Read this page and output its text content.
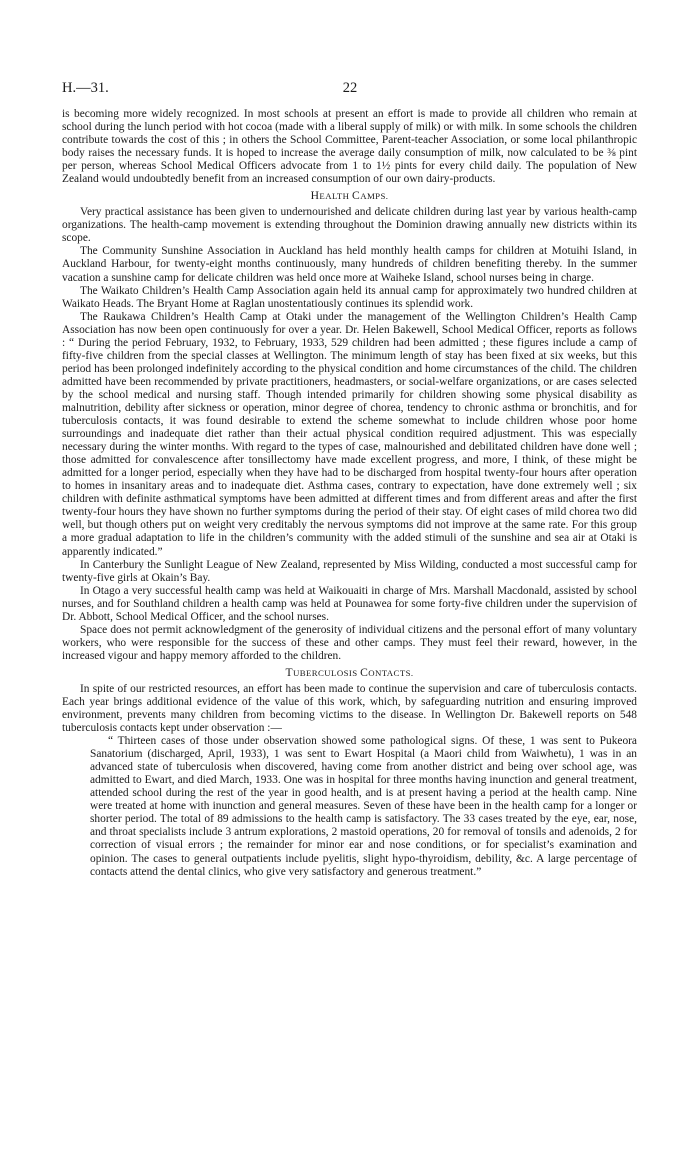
H.—31.	22

is becoming more widely recognized. In most schools at present an effort is made to provide all children who remain at school during the lunch period with hot cocoa (made with a liberal supply of milk) or with milk. In some schools the children contribute towards the cost of this ; in others the School Committee, Parent-teacher Association, or some local philanthropic body raises the necessary funds. It is hoped to increase the average daily consumption of milk, now calculated to be ⅜ pint per person, whereas School Medical Officers advocate from 1 to 1½ pints for every child daily. The population of New Zealand would undoubtedly benefit from an increased consumption of our own dairy-products.

HEALTH CAMPS.

Very practical assistance has been given to undernourished and delicate children during last year by various health-camp organizations. The health-camp movement is extending throughout the Dominion drawing annually new districts within its scope.

The Community Sunshine Association in Auckland has held monthly health camps for children at Motuihi Island, in Auckland Harbour, for twenty-eight months continuously, many hundreds of children benefiting thereby. In the summer vacation a sunshine camp for delicate children was held once more at Waiheke Island, school nurses being in charge.

The Waikato Children’s Health Camp Association again held its annual camp for approximately two hundred children at Waikato Heads. The Bryant Home at Raglan unostentatiously continues its splendid work.

The Raukawa Children’s Health Camp at Otaki under the management of the Wellington Children’s Health Camp Association has now been open continuously for over a year. Dr. Helen Bakewell, School Medical Officer, reports as follows : “ During the period February, 1932, to February, 1933, 529 children had been admitted ; these figures include a camp of fifty-five children from the special classes at Wellington. The minimum length of stay has been fixed at six weeks, but this period has been prolonged indefinitely according to the physical condition and home circumstances of the child. The children admitted have been recommended by private practitioners, headmasters, or social-welfare organizations, or are cases selected by the school medical and nursing staff. Though intended primarily for children showing some physical disability as malnutrition, debility after sickness or operation, minor degree of chorea, tendency to chronic asthma or bronchitis, and for tuberculosis contacts, it was found desirable to extend the scheme somewhat to include children whose poor home surroundings and inadequate diet rather than their actual physical condition required adjustment. This was especially necessary during the winter months. With regard to the types of case, malnourished and debilitated children have done well ; those admitted for convalescence after tonsillectomy have made excellent progress, and more, I think, of these might be admitted for a longer period, especially when they have had to be discharged from hospital twenty-four hours after operation to homes in insanitary areas and to inadequate diet. Asthma cases, contrary to expectation, have done extremely well ; six children with definite asthmatical symptoms have been admitted at different times and from different areas and after the first twenty-four hours they have shown no further symptoms during the period of their stay. Of eight cases of mild chorea two did well, but though others put on weight very creditably the nervous symptoms did not improve at the same rate. For this group a more gradual adaptation to life in the children’s community with the added stimuli of the sunshine and sea air at Otaki is apparently indicated.”

In Canterbury the Sunlight League of New Zealand, represented by Miss Wilding, conducted a most successful camp for twenty-five girls at Okain’s Bay.

In Otago a very successful health camp was held at Waikouaiti in charge of Mrs. Marshall Macdonald, assisted by school nurses, and for Southland children a health camp was held at Pounawea for some forty-five children under the supervision of Dr. Abbott, School Medical Officer, and the school nurses.

Space does not permit acknowledgment of the generosity of individual citizens and the personal effort of many voluntary workers, who were responsible for the success of these and other camps. They must feel their reward, however, in the increased vigour and happy memory afforded to the children.

TUBERCULOSIS CONTACTS.

In spite of our restricted resources, an effort has been made to continue the supervision and care of tuberculosis contacts. Each year brings additional evidence of the value of this work, which, by safeguarding nutrition and ensuring improved environment, prevents many children from becoming victims to the disease. In Wellington Dr. Bakewell reports on 548 tuberculosis contacts kept under observation :—

“ Thirteen cases of those under observation showed some pathological signs. Of these, 1 was sent to Pukeora Sanatorium (discharged, April, 1933), 1 was sent to Ewart Hospital (a Maori child from Waiwhetu), 1 was in an advanced state of tuberculosis when discovered, having come from another district and being over school age, was admitted to Ewart, and died March, 1933. One was in hospital for three months having inunction and general treatment, attended school during the rest of the year in good health, and is at present having a period at the health camp. Nine were treated at home with inunction and general measures. Seven of these have been in the health camp for a longer or shorter period. The total of 89 admissions to the health camp is satisfactory. The 33 cases treated by the eye, ear, nose, and throat specialists include 3 antrum explorations, 2 mastoid operations, 20 for removal of tonsils and adenoids, 2 for correction of visual errors ; the remainder for minor ear and nose conditions, or for specialist’s examination and opinion. The cases to general outpatients include pyelitis, slight hypo-thyroidism, debility, &c. A large percentage of contacts attend the dental clinics, who give very satisfactory and generous treatment.”
